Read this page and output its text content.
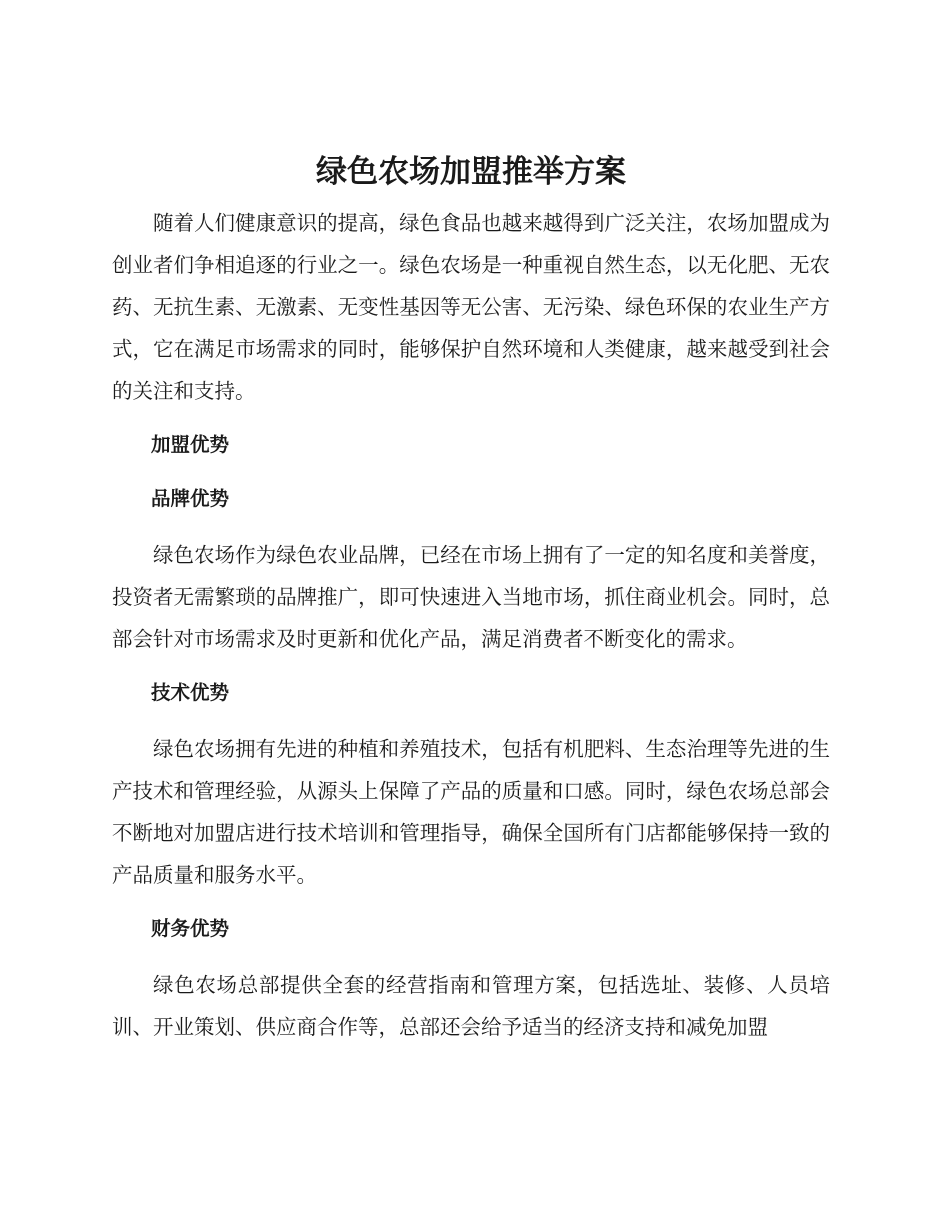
绿色农场加盟推举方案

随着人们健康意识的提高，绿色食品也越来越得到广泛关注，农场加盟成为创业者们争相追逐的行业之一。绿色农场是一种重视自然生态，以无化肥、无农药、无抗生素、无激素、无变性基因等无公害、无污染、绿色环保的农业生产方式，它在满足市场需求的同时，能够保护自然环境和人类健康，越来越受到社会的关注和支持。

加盟优势

品牌优势

绿色农场作为绿色农业品牌，已经在市场上拥有了一定的知名度和美誉度，投资者无需繁琐的品牌推广，即可快速进入当地市场，抓住商业机会。同时，总部会针对市场需求及时更新和优化产品，满足消费者不断变化的需求。

技术优势

绿色农场拥有先进的种植和养殖技术，包括有机肥料、生态治理等先进的生产技术和管理经验，从源头上保障了产品的质量和口感。同时，绿色农场总部会不断地对加盟店进行技术培训和管理指导，确保全国所有门店都能够保持一致的产品质量和服务水平。

财务优势

绿色农场总部提供全套的经营指南和管理方案，包括选址、装修、人员培训、开业策划、供应商合作等，总部还会给予适当的经济支持和减免加盟
